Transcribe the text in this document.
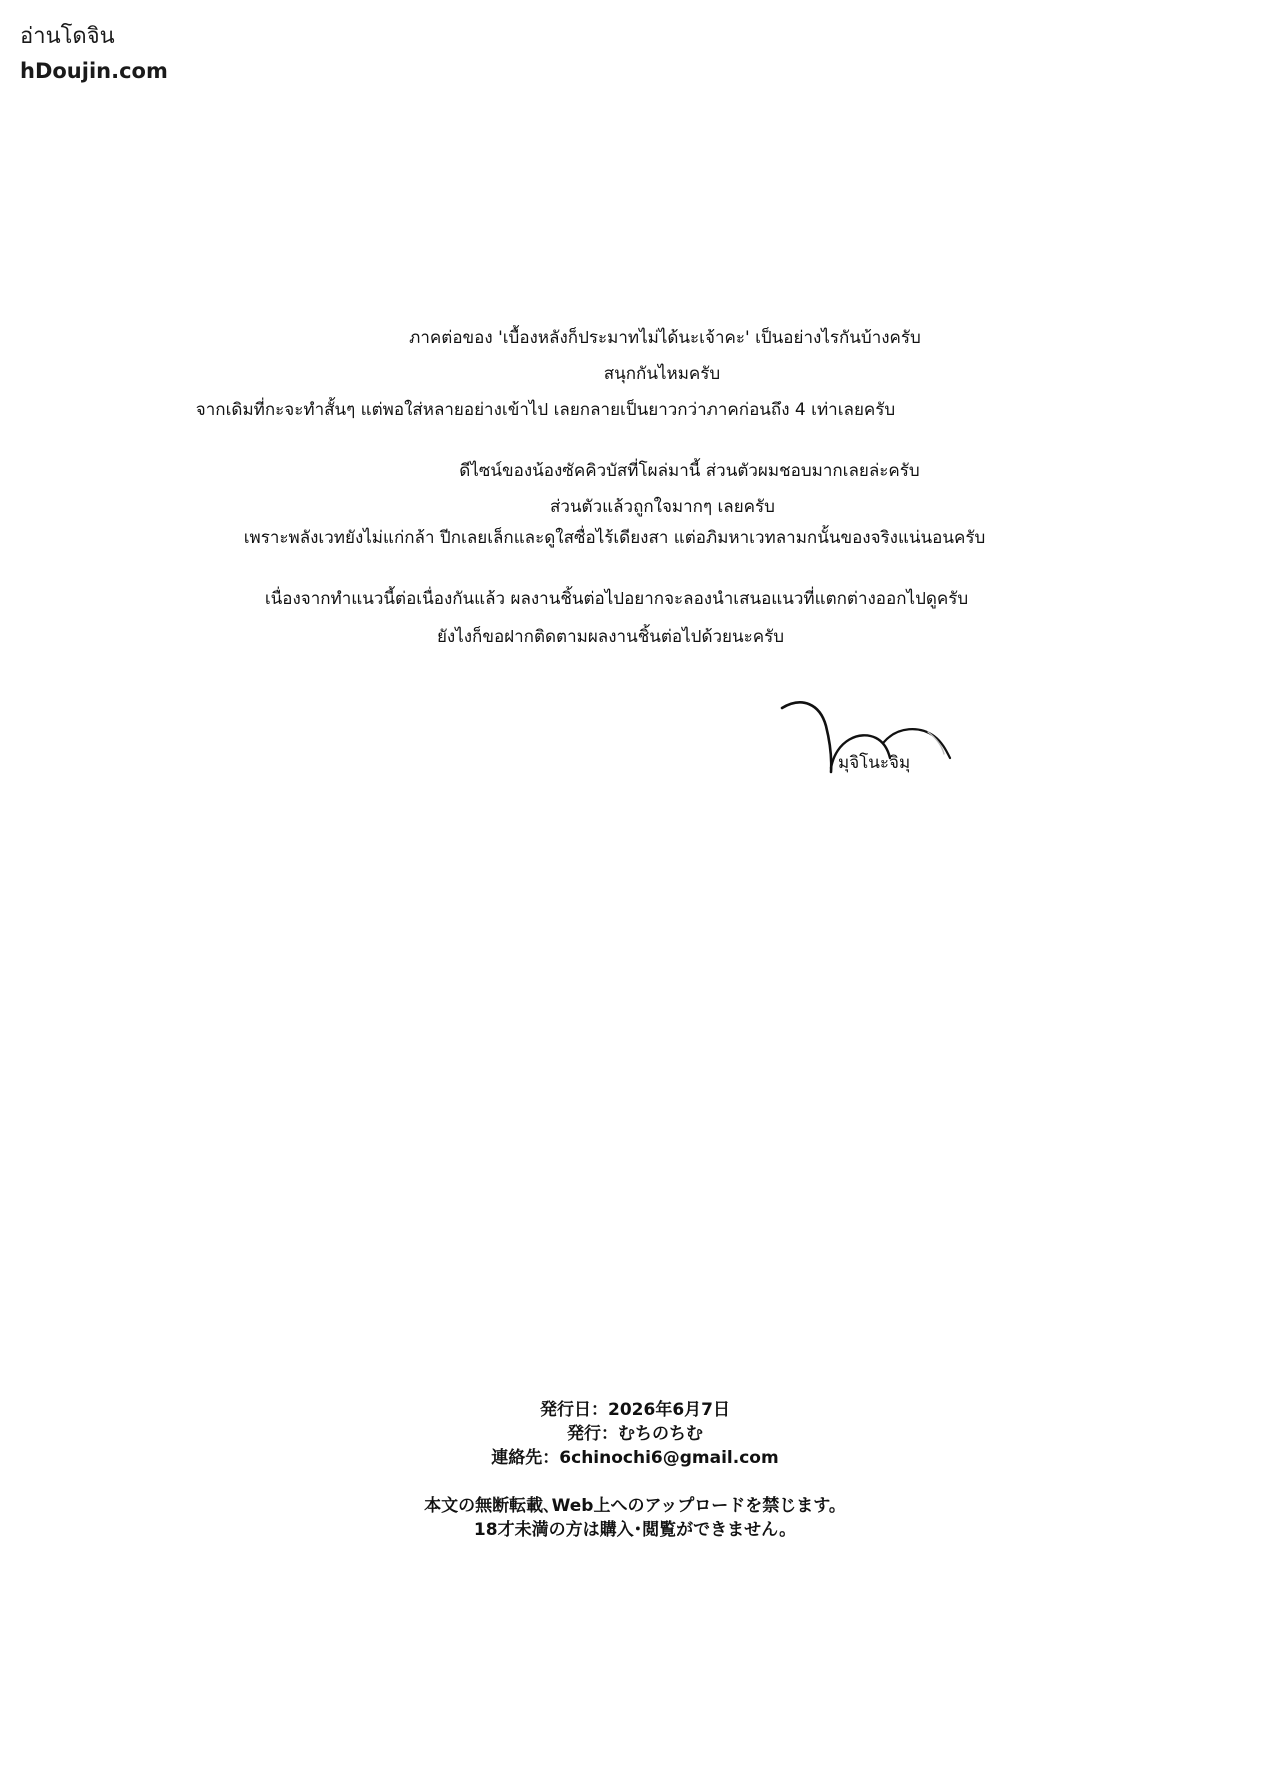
อ่านโดจิน
hDoujin.com

ภาคต่อของ 'เบื้องหลังก็ประมาทไม่ได้นะเจ้าคะ' เป็นอย่างไรกันบ้างครับ

สนุกกันไหมครับ

จากเดิมที่กะจะทำสั้นๆ แต่พอใส่หลายอย่างเข้าไป เลยกลายเป็นยาวกว่าภาคก่อนถึง 4 เท่าเลยครับ

ดีไซน์ของน้องซัคคิวบัสที่โผล่มานี้ ส่วนตัวผมชอบมากเลยล่ะครับ

ส่วนตัวแล้วถูกใจมากๆ เลยครับ

เพราะพลังเวทยังไม่แก่กล้า ปีกเลยเล็กและดูใสซื่อไร้เดียงสา แต่อภิมหาเวทลามกนั้นของจริงแน่นอนครับ

เนื่องจากทำแนวนี้ต่อเนื่องกันแล้ว ผลงานชิ้นต่อไปอยากจะลองนำเสนอแนวที่แตกต่างออกไปดูครับ

ยังไงก็ขอฝากติดตามผลงานชิ้นต่อไปด้วยนะครับ

มุจิโนะจิมุ

発行日：2026年6月7日

発行：むちのちむ

連絡先：6chinochi6@gmail.com

本文の無断転載､Web上へのアップロードを禁じます。

18才未満の方は購入･閲覧ができません。
